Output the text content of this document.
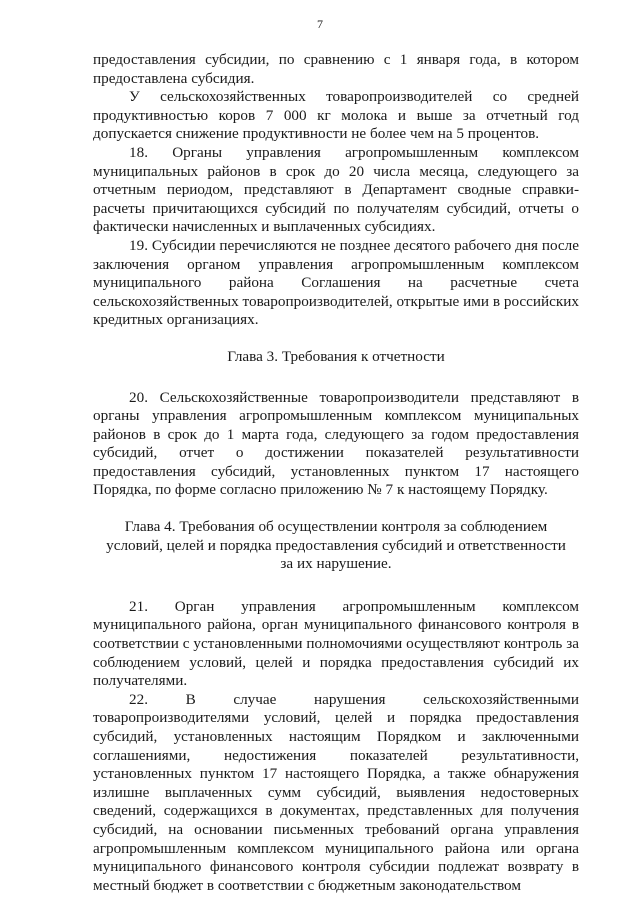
7

предоставления субсидии, по сравнению с 1 января года, в котором предоставлена субсидия.

У сельскохозяйственных товаропроизводителей со средней продуктивностью коров 7 000 кг молока и выше за отчетный год допускается снижение продуктивности не более чем на 5 процентов.

18. Органы управления агропромышленным комплексом муниципальных районов в срок до 20 числа месяца, следующего за отчетным периодом, представляют в Департамент сводные справки-расчеты причитающихся субсидий по получателям субсидий, отчеты о фактически начисленных и выплаченных субсидиях.

19. Субсидии перечисляются не позднее десятого рабочего дня после заключения органом управления агропромышленным комплексом муниципального района Соглашения на расчетные счета сельскохозяйственных товаропроизводителей, открытые ими в российских кредитных организациях.

Глава 3. Требования к отчетности

20. Сельскохозяйственные товаропроизводители представляют в органы управления агропромышленным комплексом муниципальных районов в срок до 1 марта года, следующего за годом предоставления субсидий, отчет о достижении показателей результативности предоставления субсидий, установленных пунктом 17 настоящего Порядка, по форме согласно приложению № 7 к настоящему Порядку.

Глава 4. Требования об осуществлении контроля за соблюдением условий, целей и порядка предоставления субсидий и ответственности за их нарушение.

21. Орган управления агропромышленным комплексом муниципального района, орган муниципального финансового контроля в соответствии с установленными полномочиями осуществляют контроль за соблюдением условий, целей и порядка предоставления субсидий их получателями.

22. В случае нарушения сельскохозяйственными товаропроизводителями условий, целей и порядка предоставления субсидий, установленных настоящим Порядком и заключенными соглашениями, недостижения показателей результативности, установленных пунктом 17 настоящего Порядка, а также обнаружения излишне выплаченных сумм субсидий, выявления недостоверных сведений, содержащихся в документах, представленных для получения субсидий, на основании письменных требований органа управления агропромышленным комплексом муниципального района или органа муниципального финансового контроля субсидии подлежат возврату в местный бюджет в соответствии с бюджетным законодательством
